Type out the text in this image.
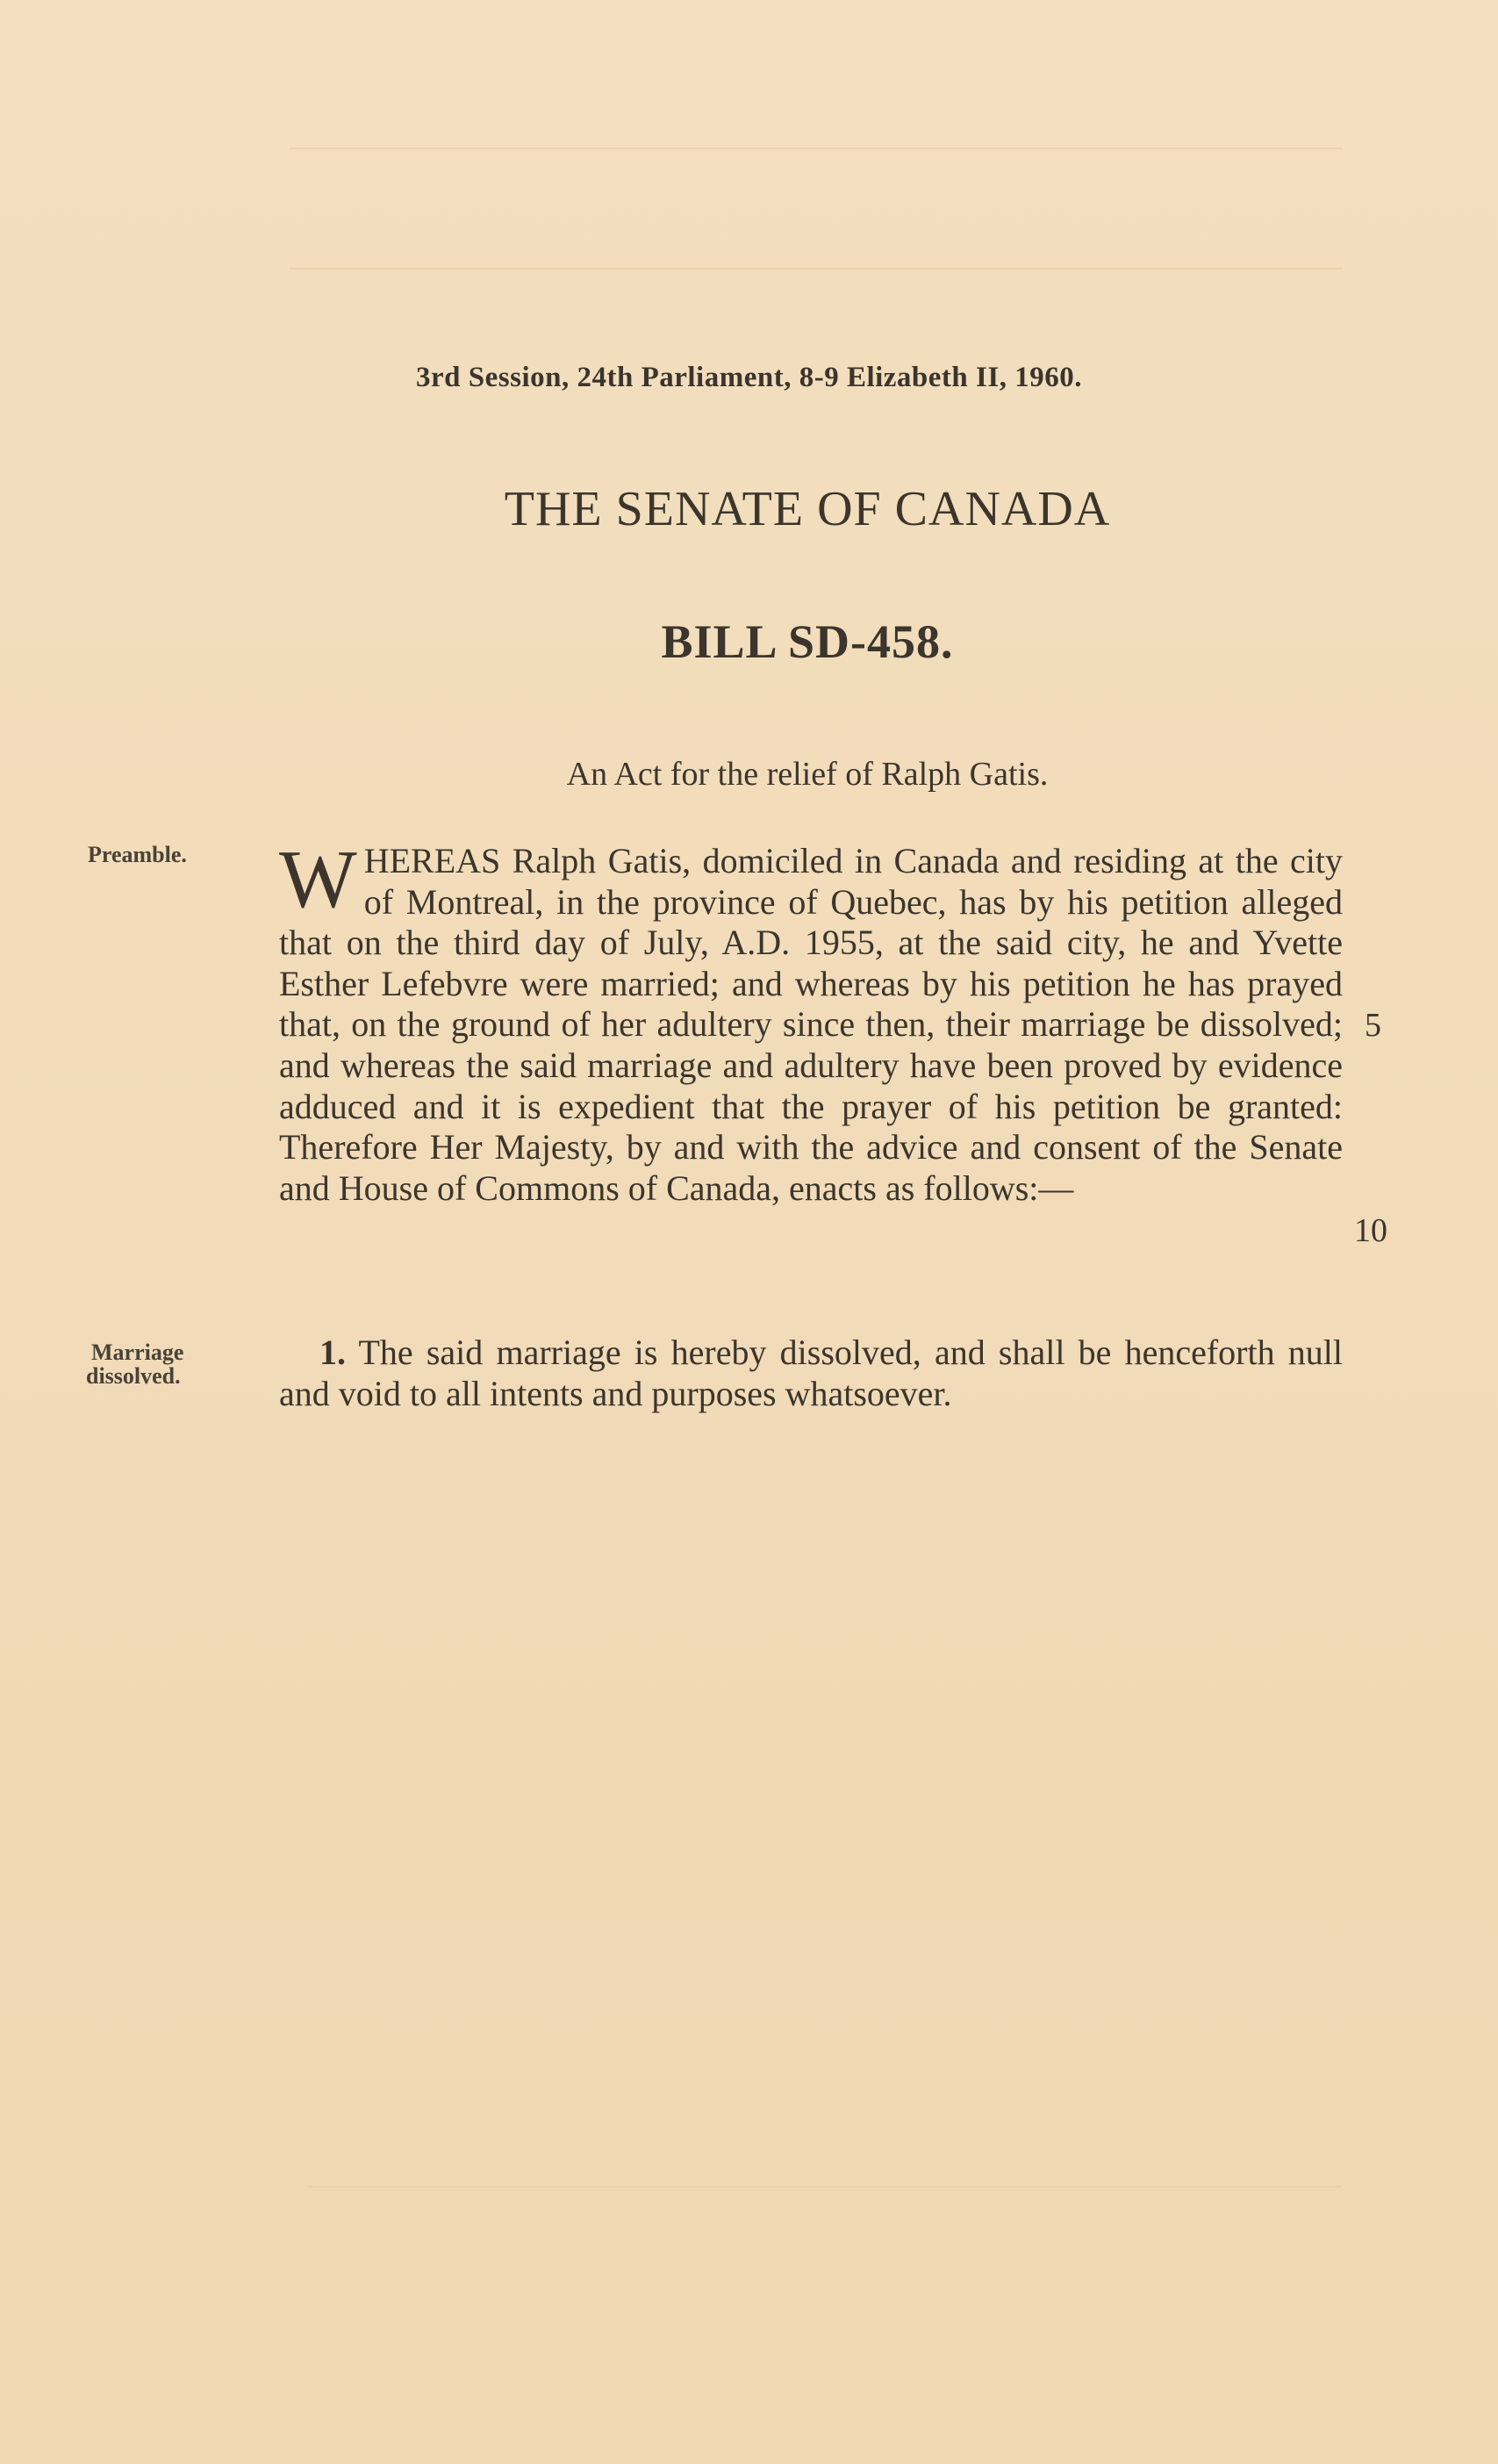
3rd Session, 24th Parliament, 8-9 Elizabeth II, 1960.
THE SENATE OF CANADA
BILL SD-458.
An Act for the relief of Ralph Gatis.
Preamble. WHEREAS Ralph Gatis, domiciled in Canada and residing at the city of Montreal, in the province of Quebec, has by his petition alleged that on the third day of July, A.D. 1955, at the said city, he and Yvette Esther Lefebvre were married; and whereas by his petition he has prayed that, on the ground of her adultery since then, their marriage be dissolved; and whereas the said marriage and adultery have been proved by evidence adduced and it is expedient that the prayer of his petition be granted: Therefore Her Majesty, by and with the advice and consent of the Senate and House of Commons of Canada, enacts as follows:—
5
10
Marriage
dissolved.
1. The said marriage is hereby dissolved, and shall be henceforth null and void to all intents and purposes whatsoever.
